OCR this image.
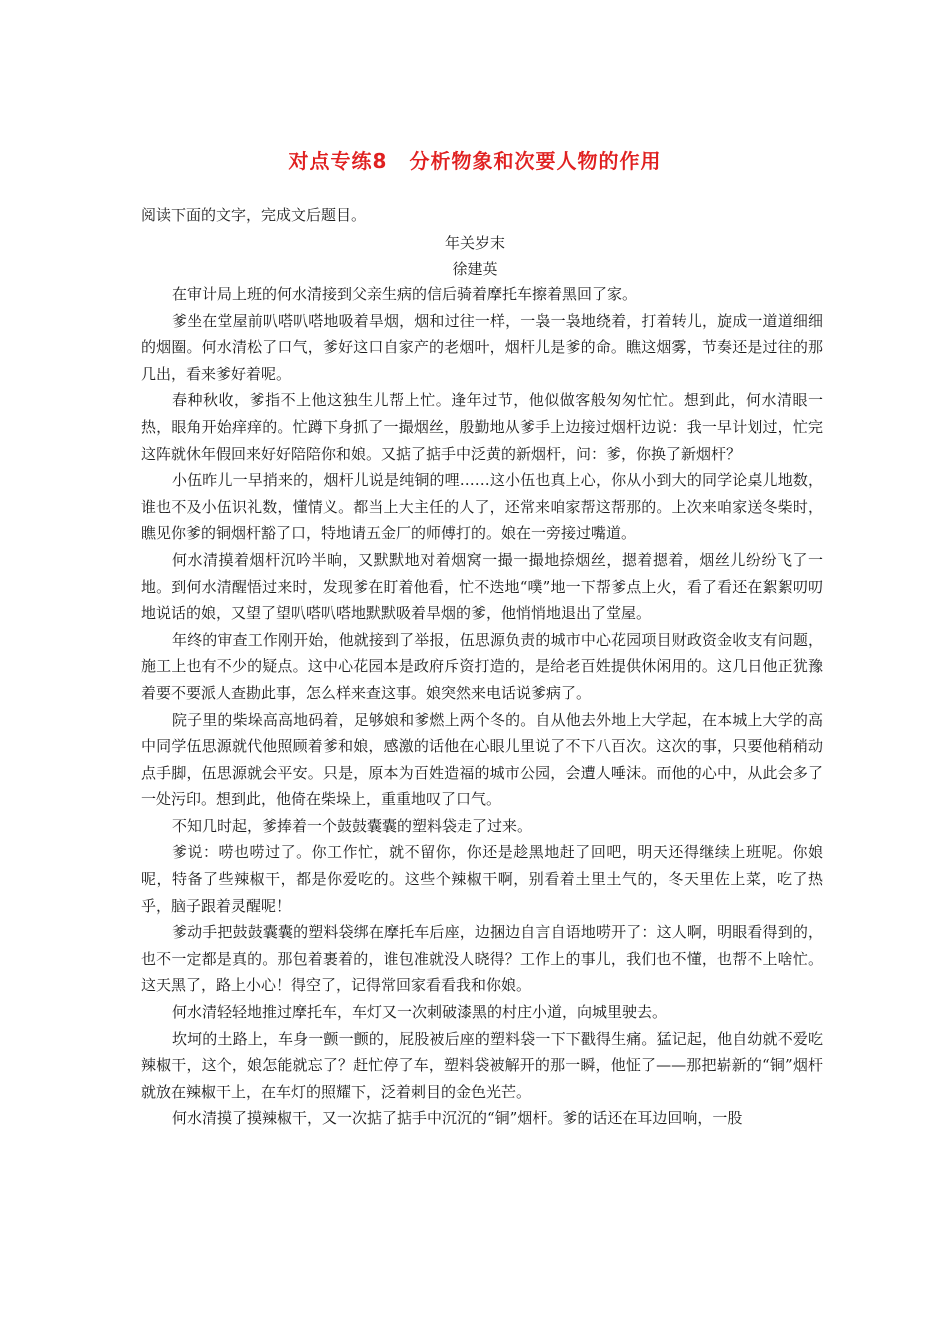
对点专练8 分析物象和次要人物的作用
阅读下面的文字，完成文后题目。
年关岁末
徐建英

在审计局上班的何水清接到父亲生病的信后骑着摩托车擦着黑回了家。

爹坐在堂屋前叭嗒叭嗒地吸着旱烟，烟和过往一样，一袅一袅地绕着，打着转儿，旋成一道道细细的烟圈。何水清松了口气，爹好这口自家产的老烟叶，烟杆儿是爹的命。瞧这烟雾，节奏还是过往的那几出，看来爹好着呢。

春种秋收，爹指不上他这独生儿帮上忙。逢年过节，他似做客般匆匆忙忙。想到此，何水清眼一热，眼角开始痒痒的。忙蹲下身抓了一撮烟丝，殷勤地从爹手上边接过烟杆边说：我一早计划过，忙完这阵就休年假回来好好陪陪你和娘。又掂了掂手中泛黄的新烟杆，问：爹，你换了新烟杆？

小伍昨儿一早捎来的，烟杆儿说是纯铜的哩……这小伍也真上心，你从小到大的同学论桌儿地数，谁也不及小伍识礼数，懂情义。都当上大主任的人了，还常来咱家帮这帮那的。上次来咱家送冬柴时，瞧见你爹的铜烟杆豁了口，特地请五金厂的师傅打的。娘在一旁接过嘴道。

何水清摸着烟杆沉吟半晌，又默默地对着烟窝一撮一撮地捺烟丝，摁着摁着，烟丝儿纷纷飞了一地。到何水清醒悟过来时，发现爹在盯着他看，忙不迭地“噗”地一下帮爹点上火，看了看还在絮絮叨叨地说话的娘，又望了望叭嗒叭嗒地默默吸着旱烟的爹，他悄悄地退出了堂屋。

年终的审查工作刚开始，他就接到了举报，伍思源负责的城市中心花园项目财政资金收支有问题，施工上也有不少的疑点。这中心花园本是政府斥资打造的，是给老百姓提供休闲用的。这几日他正犹豫着要不要派人查勘此事，怎么样来查这事。娘突然来电话说爹病了。

院子里的柴垛高高地码着，足够娘和爹燃上两个冬的。自从他去外地上大学起，在本城上大学的高中同学伍思源就代他照顾着爹和娘，感激的话他在心眼儿里说了不下八百次。这次的事，只要他稍稍动点手脚，伍思源就会平安。只是，原本为百姓造福的城市公园，会遭人唾沫。而他的心中，从此会多了一处污印。想到此，他倚在柴垛上，重重地叹了口气。

不知几时起，爹捧着一个鼓鼓囊囊的塑料袋走了过来。

爹说：唠也唠过了。你工作忙，就不留你，你还是趁黑地赶了回吧，明天还得继续上班呢。你娘呢，特备了些辣椒干，都是你爱吃的。这些个辣椒干啊，别看着土里土气的，冬天里佐上菜，吃了热乎，脑子跟着灵醒呢！

爹动手把鼓鼓囊囊的塑料袋绑在摩托车后座，边捆边自言自语地唠开了：这人啊，明眼看得到的，也不一定都是真的。那包着裹着的，谁包准就没人晓得？工作上的事儿，我们也不懂，也帮不上啥忙。这天黑了，路上小心！得空了，记得常回家看看我和你娘。

何水清轻轻地推过摩托车，车灯又一次刺破漆黑的村庄小道，向城里驶去。

坎坷的土路上，车身一颤一颤的，屁股被后座的塑料袋一下下戳得生痛。猛记起，他自幼就不爱吃辣椒干，这个，娘怎能就忘了？赶忙停了车，塑料袋被解开的那一瞬，他怔了——那把崭新的“铜”烟杆就放在辣椒干上，在车灯的照耀下，泛着刺目的金色光芒。

何水清摸了摸辣椒干，又一次掂了掂手中沉沉的“铜”烟杆。爹的话还在耳边回响，一股
